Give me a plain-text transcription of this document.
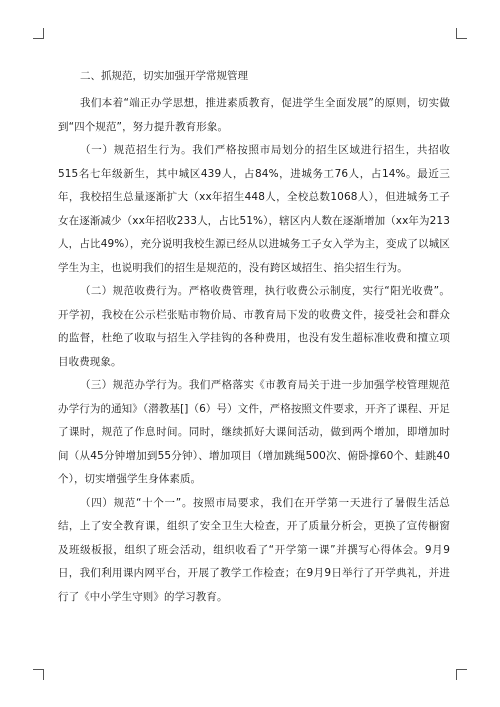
二、抓规范，切实加强开学常规管理

我们本着“端正办学思想，推进素质教育，促进学生全面发展”的原则，切实做到“四个规范”，努力提升教育形象。

（一）规范招生行为。我们严格按照市局划分的招生区域进行招生，共招收515名七年级新生，其中城区439人，占84%，进城务工76人，占14%。最近三年，我校招生总量逐渐扩大（xx年招生448人，全校总数1068人），但进城务工子女在逐渐减少（xx年招收233人，占比51%），辖区内人数在逐渐增加（xx年为213人，占比49%），充分说明我校生源已经从以进城务工子女入学为主，变成了以城区学生为主，也说明我们的招生是规范的，没有跨区域招生、掐尖招生行为。

（二）规范收费行为。严格收费管理，执行收费公示制度，实行“阳光收费”。开学初，我校在公示栏张贴市物价局、市教育局下发的收费文件，接受社会和群众的监督，杜绝了收取与招生入学挂钩的各种费用，也没有发生超标准收费和擅立项目收费现象。

（三）规范办学行为。我们严格落实《市教育局关于进一步加强学校管理规范办学行为的通知》（潜教基[]（6）号）文件，严格按照文件要求，开齐了课程、开足了课时，规范了作息时间。同时，继续抓好大课间活动，做到两个增加，即增加时间（从45分钟增加到55分钟）、增加项目（增加跳绳500次、俯卧撑60个、蛙跳40个），切实增强学生身体素质。

（四）规范“十个一”。按照市局要求，我们在开学第一天进行了暑假生活总结，上了安全教育课，组织了安全卫生大检查，开了质量分析会，更换了宣传橱窗及班级板报，组织了班会活动，组织收看了“开学第一课”并撰写心得体会。9月9日，我们利用课内网平台，开展了教学工作检查；在9月9日举行了开学典礼，并进行了《中小学生守则》的学习教育。
